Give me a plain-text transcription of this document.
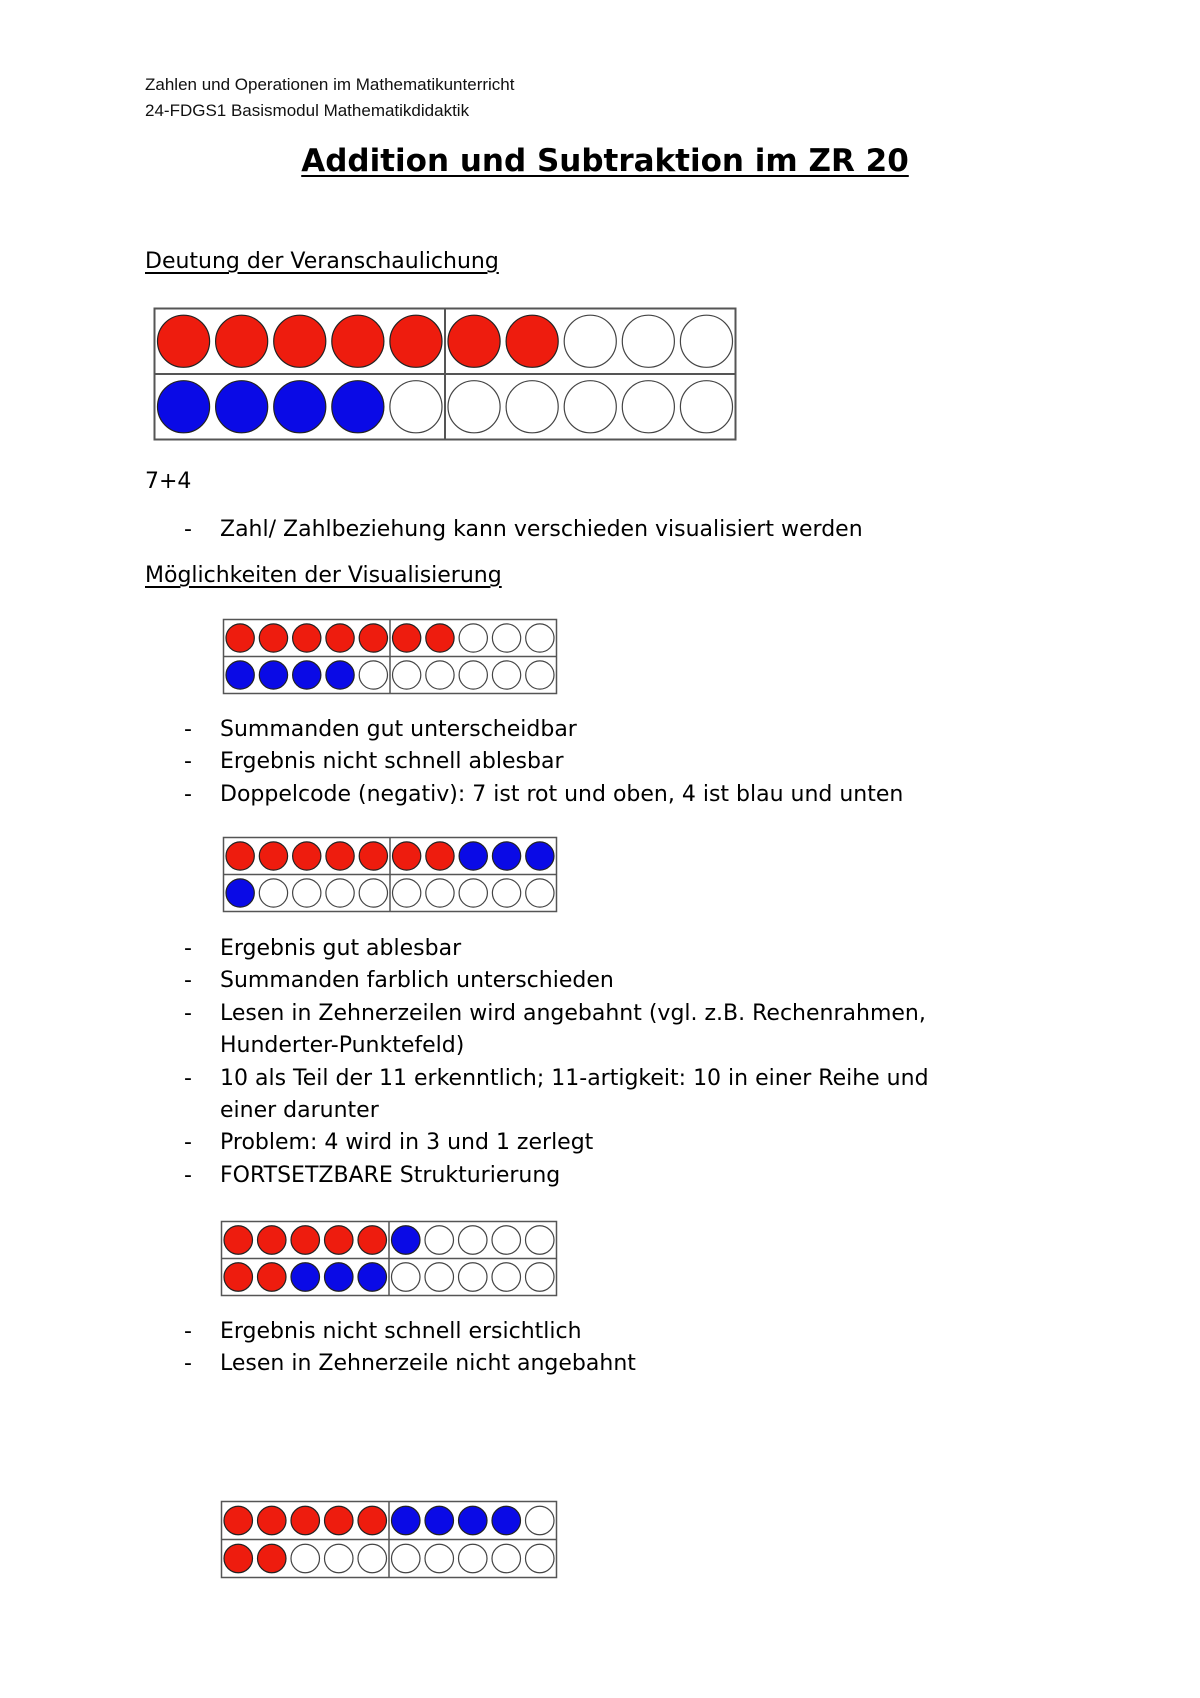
Zahlen und Operationen im Mathematikunterricht
24-FDGS1 Basismodul Mathematikdidaktik
Addition und Subtraktion im ZR 20
Deutung der Veranschaulichung
7+4
- Zahl/ Zahlbeziehung kann verschieden visualisiert werden
Möglichkeiten der Visualisierung
- Summanden gut unterscheidbar
- Ergebnis nicht schnell ablesbar
- Doppelcode (negativ): 7 ist rot und oben, 4 ist blau und unten
- Ergebnis gut ablesbar
- Summanden farblich unterschieden
- Lesen in Zehnerzeilen wird angebahnt (vgl. z.B. Rechenrahmen,
Hunderter-Punktefeld)
- 10 als Teil der 11 erkenntlich; 11-artigkeit: 10 in einer Reihe und
einer darunter
- Problem: 4 wird in 3 und 1 zerlegt
- FORTSETZBARE Strukturierung
- Ergebnis nicht schnell ersichtlich
- Lesen in Zehnerzeile nicht angebahnt
